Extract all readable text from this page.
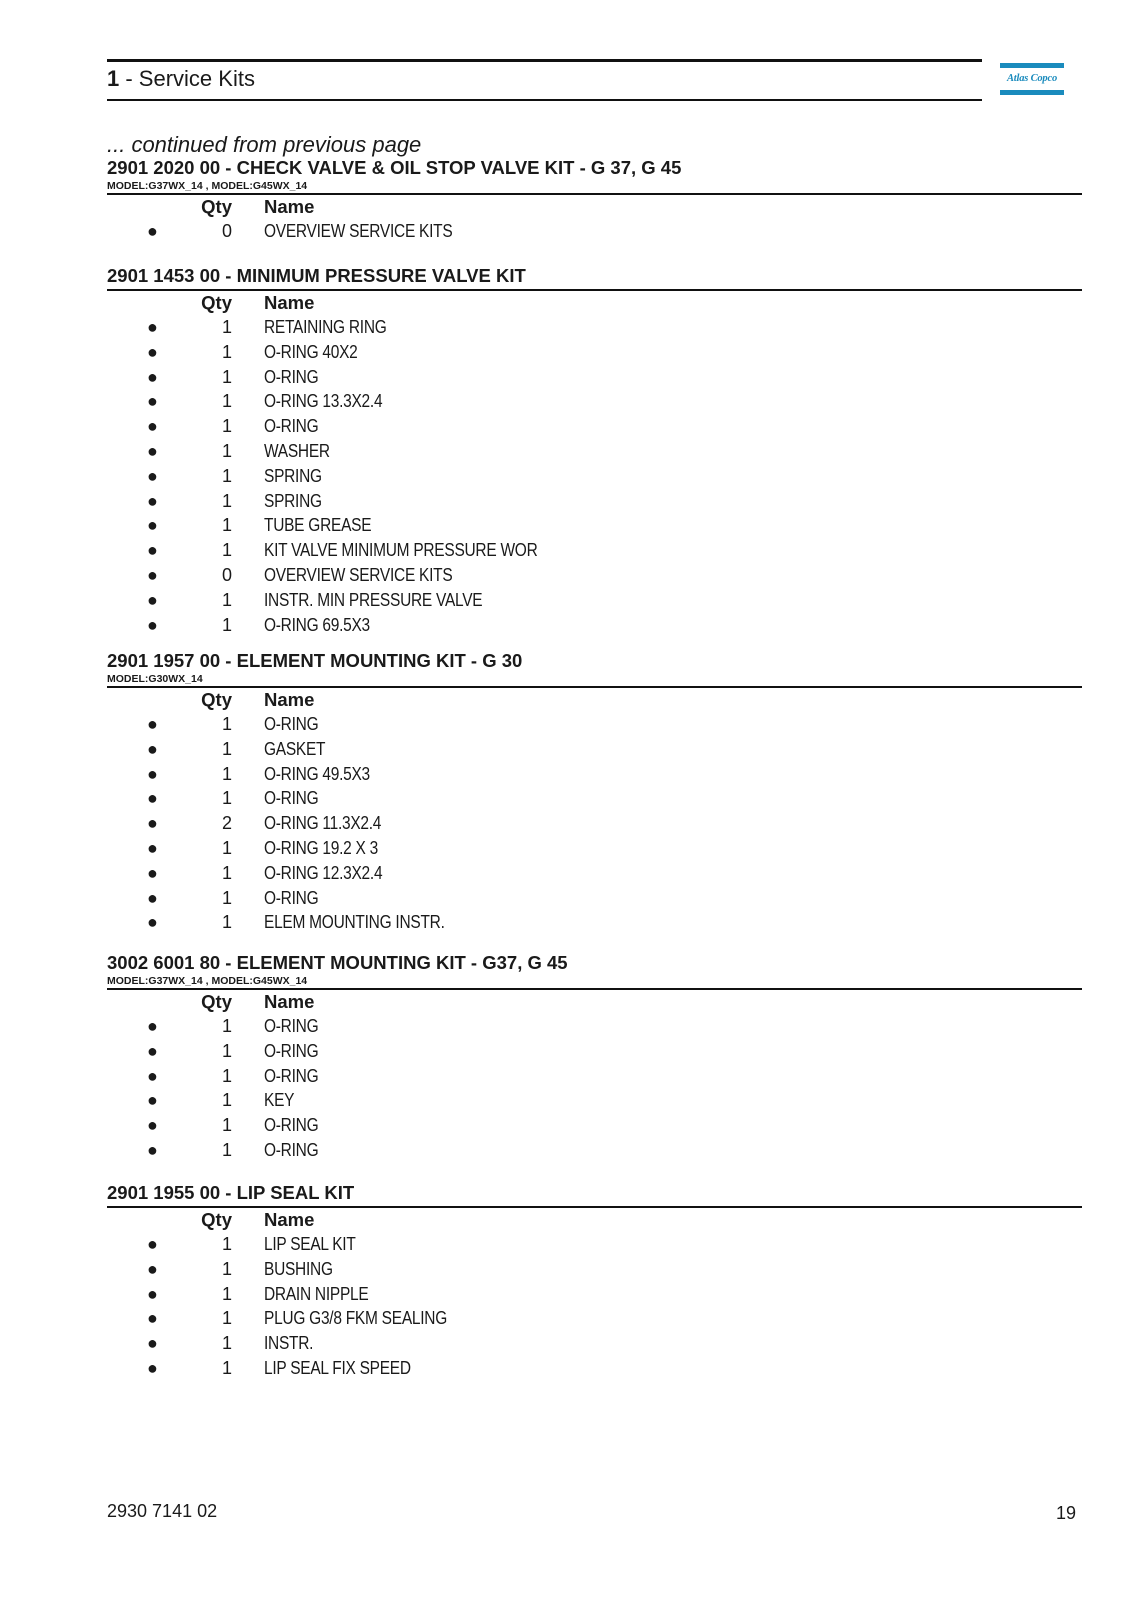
1 - Service Kits	Atlas Copco
... continued from previous page
2901 2020 00 - CHECK VALVE & OIL STOP VALVE KIT - G 37, G 45
MODEL:G37WX_14 , MODEL:G45WX_14
Qty Name
●	0 OVERVIEW SERVICE KITS
2901 1453 00 - MINIMUM PRESSURE VALVE KIT
Qty Name
●	1 RETAINING RING
●	1 O-RING 40X2
●	1 O-RING
●	1 O-RING 13.3X2.4
●	1 O-RING
●	1 WASHER
●	1 SPRING
●	1 SPRING
●	1 TUBE GREASE
●	1 KIT VALVE MINIMUM PRESSURE WOR
●	0 OVERVIEW SERVICE KITS
●	1 INSTR. MIN PRESSURE VALVE
●	1 O-RING 69.5X3
2901 1957 00 - ELEMENT MOUNTING KIT - G 30
MODEL:G30WX_14
Qty Name
●	1 O-RING
●	1 GASKET
●	1 O-RING 49.5X3
●	1 O-RING
●	2 O-RING 11.3X2.4
●	1 O-RING 19.2 X 3
●	1 O-RING 12.3X2.4
●	1 O-RING
●	1 ELEM MOUNTING INSTR.
3002 6001 80 - ELEMENT MOUNTING KIT - G37, G 45
MODEL:G37WX_14 , MODEL:G45WX_14
Qty Name
●	1 O-RING
●	1 O-RING
●	1 O-RING
●	1 KEY
●	1 O-RING
●	1 O-RING
2901 1955 00 - LIP SEAL KIT
Qty Name
●	1 LIP SEAL KIT
●	1 BUSHING
●	1 DRAIN NIPPLE
●	1 PLUG G3/8 FKM SEALING
●	1 INSTR.
●	1 LIP SEAL FIX SPEED
2930 7141 02	19
